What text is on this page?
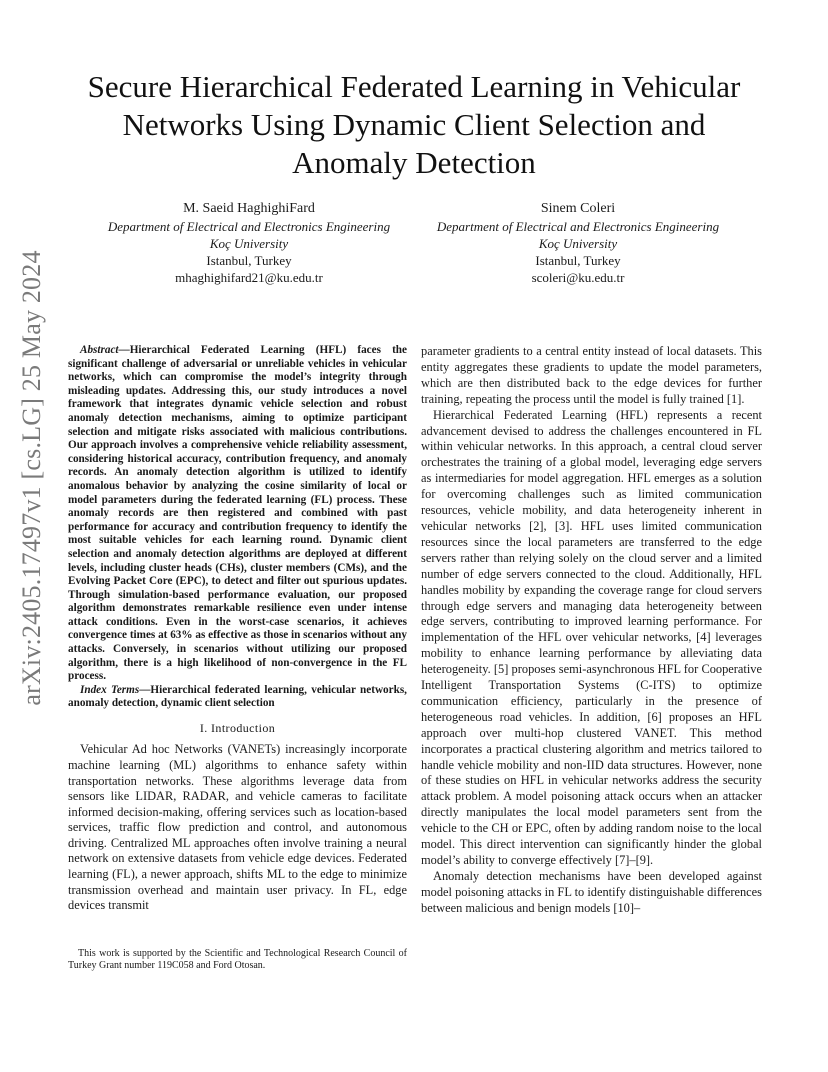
arXiv:2405.17497v1 [cs.LG] 25 May 2024
Secure Hierarchical Federated Learning in Vehicular
Networks Using Dynamic Client Selection and
Anomaly Detection
M. Saeid HaghighiFard
Department of Electrical and Electronics Engineering
Koç University
Istanbul, Turkey
mhaghighifard21@ku.edu.tr
Sinem Coleri
Department of Electrical and Electronics Engineering
Koç University
Istanbul, Turkey
scoleri@ku.edu.tr

Abstract—Hierarchical Federated Learning (HFL) faces the significant challenge of adversarial or unreliable vehicles in vehicular networks, which can compromise the model’s integrity through misleading updates. Addressing this, our study introduces a novel framework that integrates dynamic vehicle selection and robust anomaly detection mechanisms, aiming to optimize participant selection and mitigate risks associated with malicious contributions. Our approach involves a comprehensive vehicle reliability assessment, considering historical accuracy, contribution frequency, and anomaly records. An anomaly detection algorithm is utilized to identify anomalous behavior by analyzing the cosine similarity of local or model parameters during the federated learning (FL) process. These anomaly records are then registered and combined with past performance for accuracy and contribution frequency to identify the most suitable vehicles for each learning round. Dynamic client selection and anomaly detection algorithms are deployed at different levels, including cluster heads (CHs), cluster members (CMs), and the Evolving Packet Core (EPC), to detect and filter out spurious updates. Through simulation-based performance evaluation, our proposed algorithm demonstrates remarkable resilience even under intense attack conditions. Even in the worst-case scenarios, it achieves convergence times at 63% as effective as those in scenarios without any attacks. Conversely, in scenarios without utilizing our proposed algorithm, there is a high likelihood of non-convergence in the FL process.

Index Terms—Hierarchical federated learning, vehicular networks, anomaly detection, dynamic client selection

I. Introduction

Vehicular Ad hoc Networks (VANETs) increasingly incorporate machine learning (ML) algorithms to enhance safety within transportation networks. These algorithms leverage data from sensors like LIDAR, RADAR, and vehicle cameras to facilitate informed decision-making, offering services such as location-based services, traffic flow prediction and control, and autonomous driving. Centralized ML approaches often involve training a neural network on extensive datasets from vehicle edge devices. Federated learning (FL), a newer approach, shifts ML to the edge to minimize transmission overhead and maintain user privacy. In FL, edge devices transmit

This work is supported by the Scientific and Technological Research Council of Turkey Grant number 119C058 and Ford Otosan.

parameter gradients to a central entity instead of local datasets. This entity aggregates these gradients to update the model parameters, which are then distributed back to the edge devices for further training, repeating the process until the model is fully trained [1].

Hierarchical Federated Learning (HFL) represents a recent advancement devised to address the challenges encountered in FL within vehicular networks. In this approach, a central cloud server orchestrates the training of a global model, leveraging edge servers as intermediaries for model aggregation. HFL emerges as a solution for overcoming challenges such as limited communication resources, vehicle mobility, and data heterogeneity inherent in vehicular networks [2], [3]. HFL uses limited communication resources since the local parameters are transferred to the edge servers rather than relying solely on the cloud server and a limited number of edge servers connected to the cloud. Additionally, HFL handles mobility by expanding the coverage range for cloud servers through edge servers and managing data heterogeneity between edge servers, contributing to improved learning performance. For implementation of the HFL over vehicular networks, [4] leverages mobility to enhance learning performance by alleviating data heterogeneity. [5] proposes semi-asynchronous HFL for Cooperative Intelligent Transportation Systems (C-ITS) to optimize communication efficiency, particularly in the presence of heterogeneous road vehicles. In addition, [6] proposes an HFL approach over multi-hop clustered VANET. This method incorporates a practical clustering algorithm and metrics tailored to handle vehicle mobility and non-IID data structures. However, none of these studies on HFL in vehicular networks address the security attack problem. A model poisoning attack occurs when an attacker directly manipulates the local model parameters sent from the vehicle to the CH or EPC, often by adding random noise to the local model. This direct intervention can significantly hinder the global model’s ability to converge effectively [7]–[9].

Anomaly detection mechanisms have been developed against model poisoning attacks in FL to identify distinguishable differences between malicious and benign models [10]–
